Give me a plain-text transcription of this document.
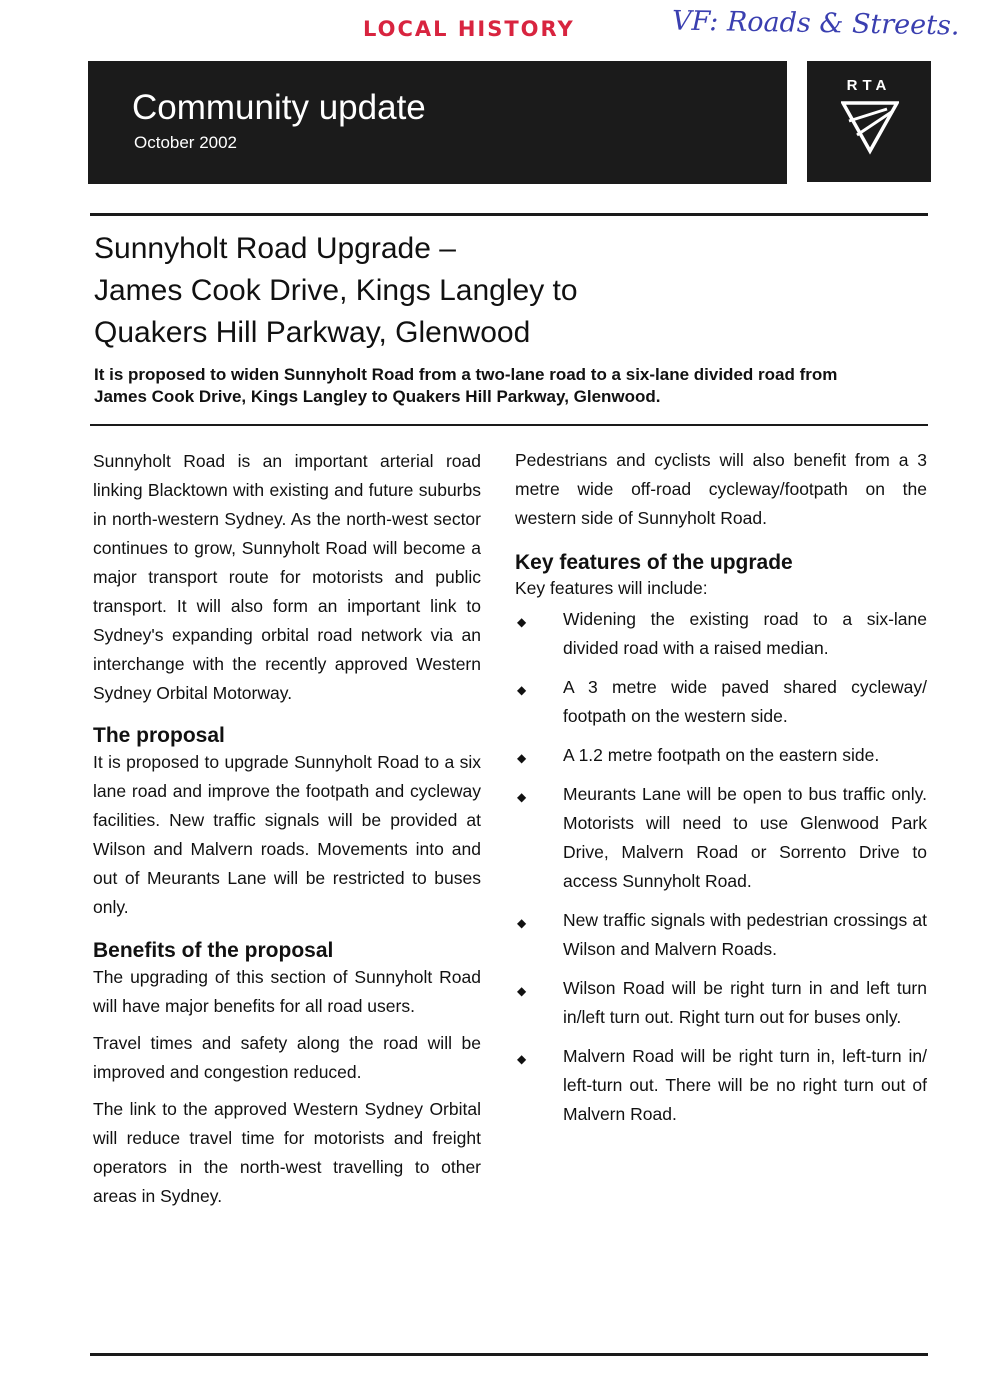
LOCAL HISTORY	VF: Roads & Streets.
Community update
October 2002
RTA
Sunnyholt Road Upgrade –
James Cook Drive, Kings Langley to
Quakers Hill Parkway, Glenwood
It is proposed to widen Sunnyholt Road from a two-lane road to a six-lane divided road from James Cook Drive, Kings Langley to Quakers Hill Parkway, Glenwood.

Sunnyholt Road is an important arterial road linking Blacktown with existing and future suburbs in north-western Sydney. As the north-west sector continues to grow, Sunnyholt Road will become a major transport route for motorists and public transport. It will also form an important link to Sydney's expanding orbital road network via an interchange with the recently approved Western Sydney Orbital Motorway.

The proposal

It is proposed to upgrade Sunnyholt Road to a six lane road and improve the footpath and cycleway facilities. New traffic signals will be provided at Wilson and Malvern roads. Movements into and out of Meurants Lane will be restricted to buses only.

Benefits of the proposal

The upgrading of this section of Sunnyholt Road will have major benefits for all road users.

Travel times and safety along the road will be improved and congestion reduced.

The link to the approved Western Sydney Orbital will reduce travel time for motorists and freight operators in the north-west travelling to other areas in Sydney.

Pedestrians and cyclists will also benefit from a 3 metre wide off-road cycleway/footpath on the western side of Sunnyholt Road.

Key features of the upgrade
Key features will include:
◆ Widening the existing road to a six-lane divided road with a raised median.
◆ A 3 metre wide paved shared cycleway/ footpath on the western side.
◆ A 1.2 metre footpath on the eastern side.
◆ Meurants Lane will be open to bus traffic only. Motorists will need to use Glenwood Park Drive, Malvern Road or Sorrento Drive to access Sunnyholt Road.
◆ New traffic signals with pedestrian crossings at Wilson and Malvern Roads.
◆ Wilson Road will be right turn in and left turn in/left turn out. Right turn out for buses only.
◆ Malvern Road will be right turn in, left-turn in/ left-turn out. There will be no right turn out of Malvern Road.
